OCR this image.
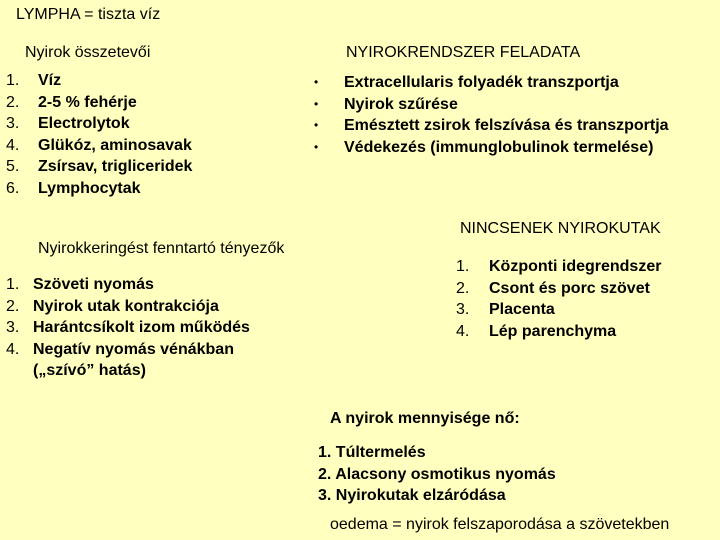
LYMPHA = tiszta víz
Nyirok összetevői
1. Víz
2. 2-5 % fehérje
3. Electrolytok
4. Glükóz, aminosavak
5. Zsírsav, trigliceridek
6. Lymphocytak
NYIROKRENDSZER FELADATA
• Extracellularis folyadék transzportja
• Nyirok szűrése
• Emésztett zsirok felszívása és transzportja
• Védekezés (immunglobulinok termelése)
NINCSENEK NYIROKUTAK
1. Központi idegrendszer
2. Csont és porc szövet
3. Placenta
4. Lép parenchyma
Nyirokkeringést fenntartó tényezők
1. Szöveti nyomás
2. Nyirok utak kontrakciója
3. Harántcsíkolt izom működés
4. Negatív nyomás vénákban
(„szívó” hatás)
A nyirok mennyisége nő:
1. Túltermelés
2. Alacsony osmotikus nyomás
3. Nyirokutak elzáródása
oedema = nyirok felszaporodása a szövetekben
